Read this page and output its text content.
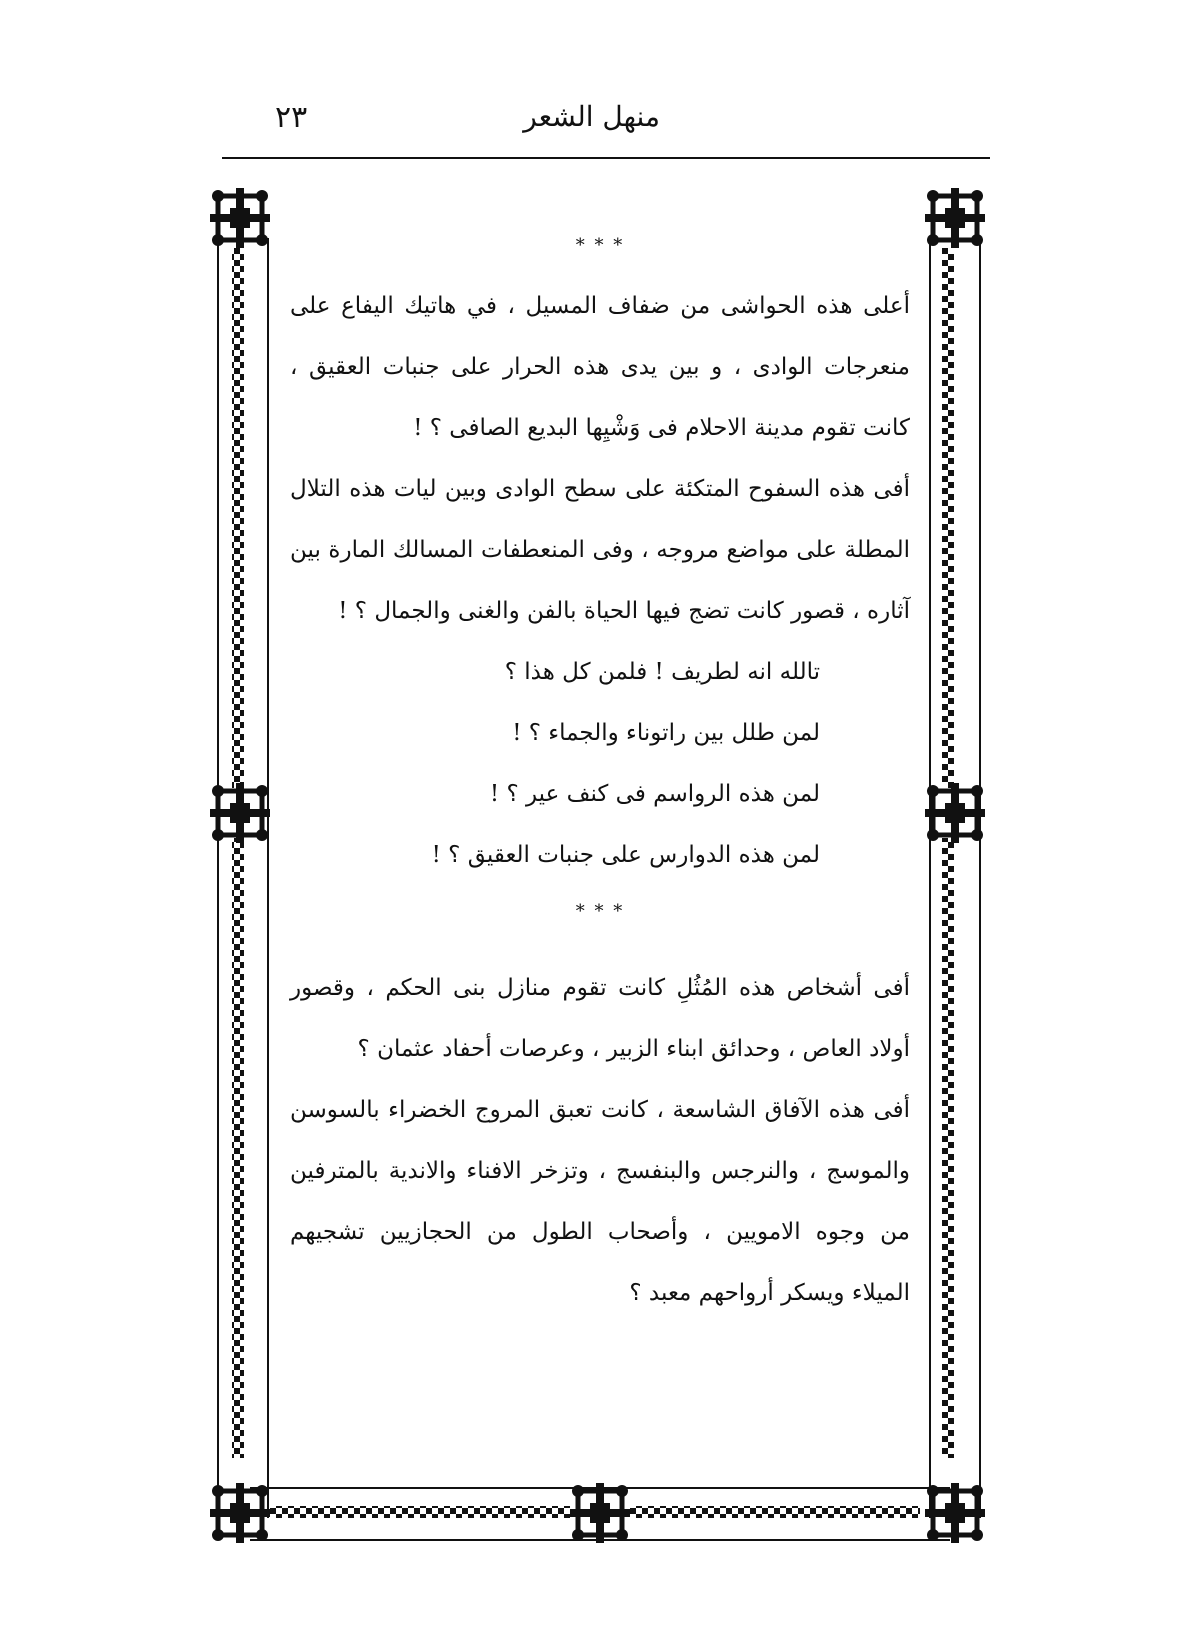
منهل الشعر
٢٣
* * *

أعلى هذه الحواشى من ضفاف المسيل ، في هاتيك اليفاع على منعرجات الوادى ، و بين يدى هذه الحرار على جنبات العقيق ، كانت تقوم مدينة الاحلام فى وَشْيِها البديع الصافى ؟ !

أفى هذه السفوح المتكئة على سطح الوادى وبين ليات هذه التلال المطلة على مواضع مروجه ، وفى المنعطفات المسالك المارة بين آثاره ، قصور كانت تضج فيها الحياة بالفن والغنى والجمال ؟ !

تالله انه لطريف ! فلمن كل هذا ؟

لمن طلل بين راتوناء والجماء ؟ !

لمن هذه الرواسم فى كنف عير ؟ !

لمن هذه الدوارس على جنبات العقيق ؟ !

* * *

أفى أشخاص هذه المُثُلِ كانت تقوم منازل بنى الحكم ، وقصور أولاد العاص ، وحدائق ابناء الزبير ، وعرصات أحفاد عثمان ؟

أفى هذه الآفاق الشاسعة ، كانت تعبق المروج الخضراء بالسوسن والموسج ، والنرجس والبنفسج ، وتزخر الافناء والاندية بالمترفين من وجوه الامويين ، وأصحاب الطول من الحجازيين تشجيهم الميلاء ويسكر أرواحهم معبد ؟
